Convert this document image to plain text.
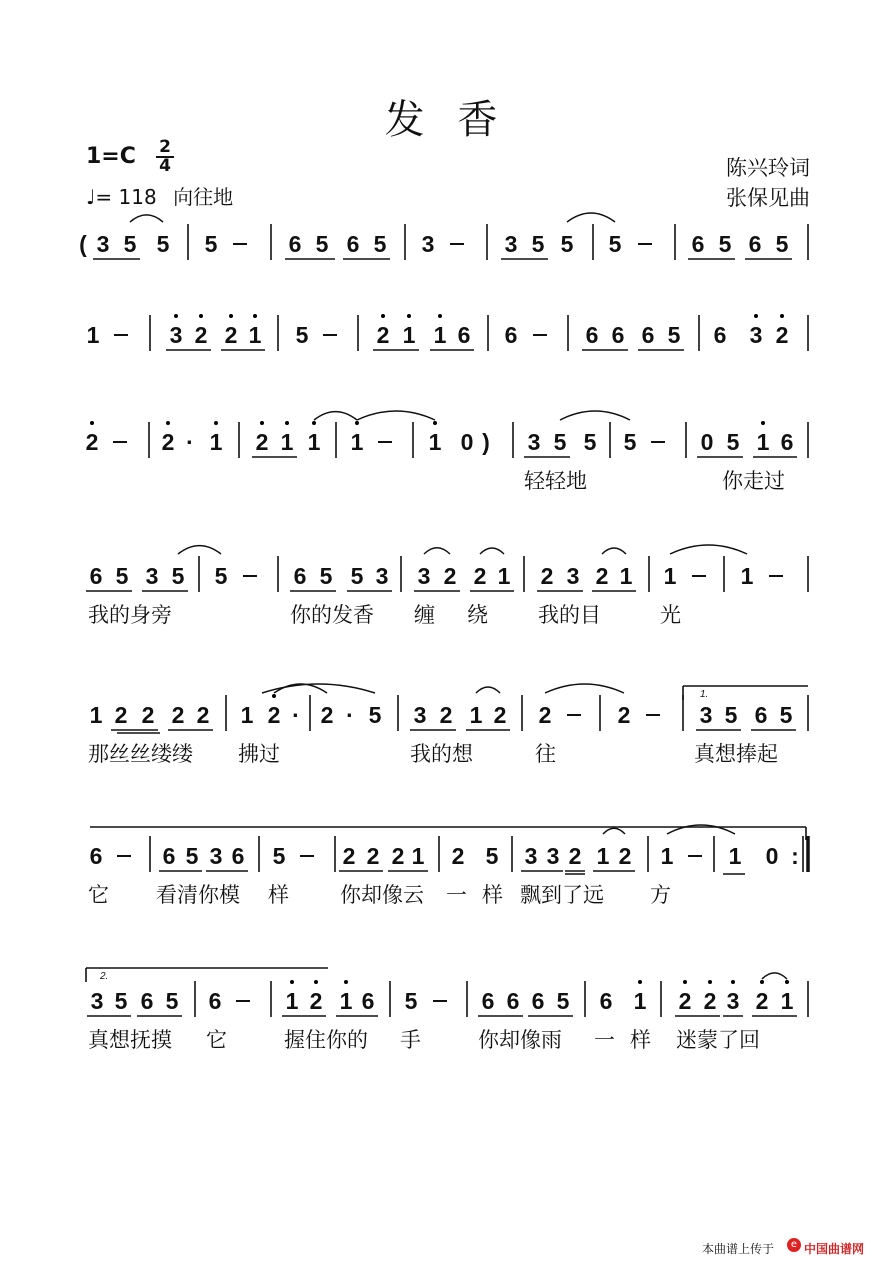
发 香
1=C 2
4
♩= 118 向往地
陈兴玲词
张保见曲
( 3 5 5 5	6 5 6 5 3	3 5 5 5	6 5 6 5
1	3 2 2 1 5	2 1 1 6 6	6 6 6 5 6 3 2
2	2 · 1 2 1 1 1	1 0 ) 3 5 5 5	0 5 1 6
轻轻地	你走过
6 5 3 5 5	6 5 5 3 3 2 2 1 2 3 2 1 1	1
我的身旁	你的发香 缠 绕 我的目	光
1 2 2 2 2 1 2 · 2 · 5 3 2 1 2 2	2	3 5 6 5
那丝丝缕缕 拂过	我的想	往	真想捧起
6	6 5 3 6 5 2 2 2 1 2 5 3 3 2 1 2 1 1 0 :
它 看清你模 样 你却像云 一 样 飘到了远 方
3 5 6 5 6	1 2 1 6 5	6 6 6 5 6 1 2 2 3 2 1
真想抚摸 它	握住你的 手	你却像雨 一 样 迷蒙了回
1.
2.
本曲谱上传于	e 中国曲谱网
